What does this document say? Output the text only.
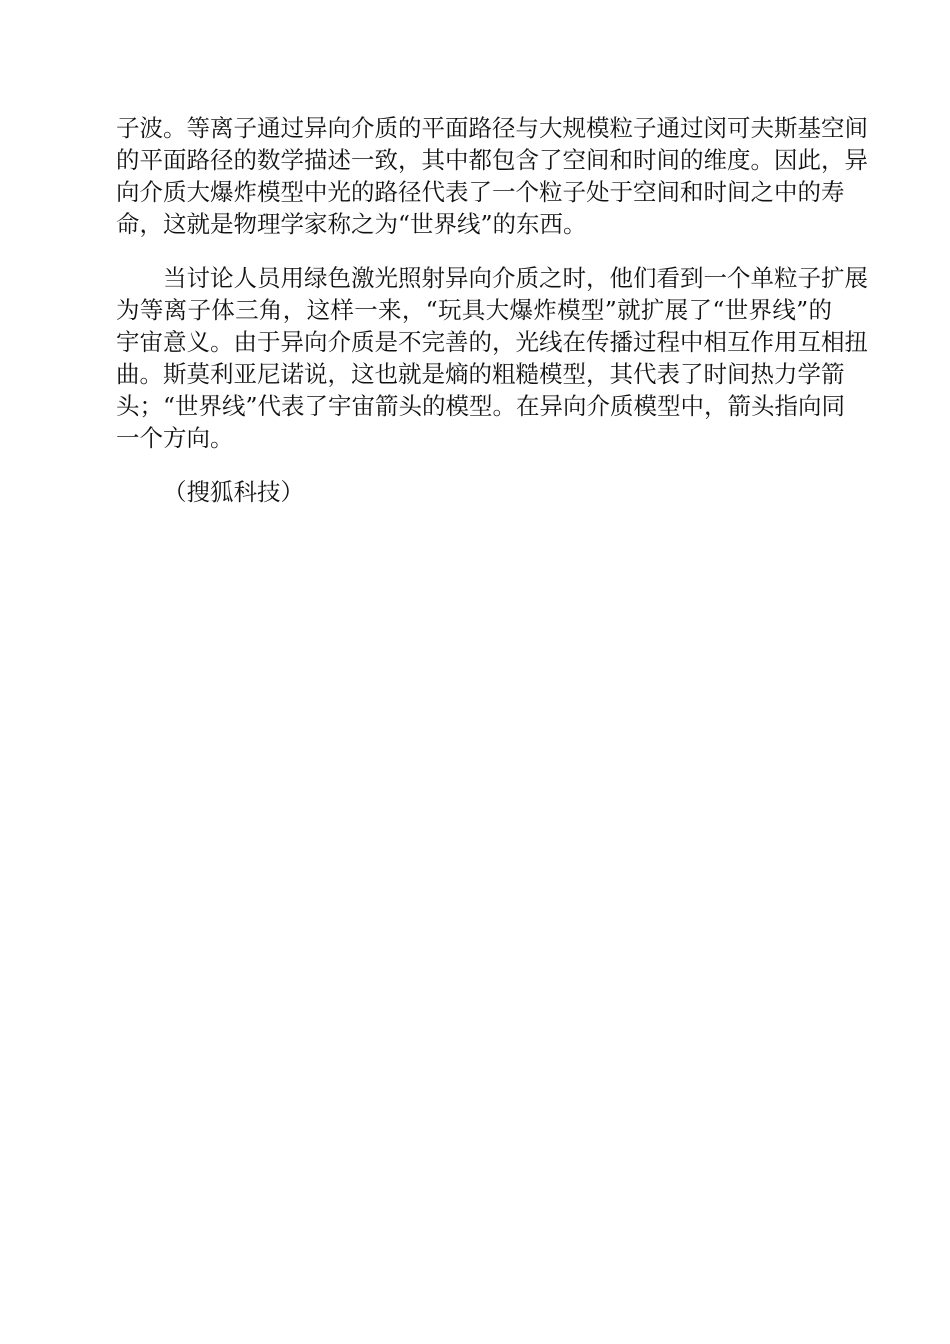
子波。等离子通过异向介质的平面路径与大规模粒子通过闵可夫斯基空间
的平面路径的数学描述一致，其中都包含了空间和时间的维度。因此，异
向介质大爆炸模型中光的路径代表了一个粒子处于空间和时间之中的寿
命，这就是物理学家称之为“世界线”的东西。
当讨论人员用绿色激光照射异向介质之时，他们看到一个单粒子扩展
为等离子体三角，这样一来，“玩具大爆炸模型”就扩展了“世界线”的
宇宙意义。由于异向介质是不完善的，光线在传播过程中相互作用互相扭
曲。斯莫利亚尼诺说，这也就是熵的粗糙模型，其代表了时间热力学箭
头；“世界线”代表了宇宙箭头的模型。在异向介质模型中，箭头指向同
一个方向。
（搜狐科技）
